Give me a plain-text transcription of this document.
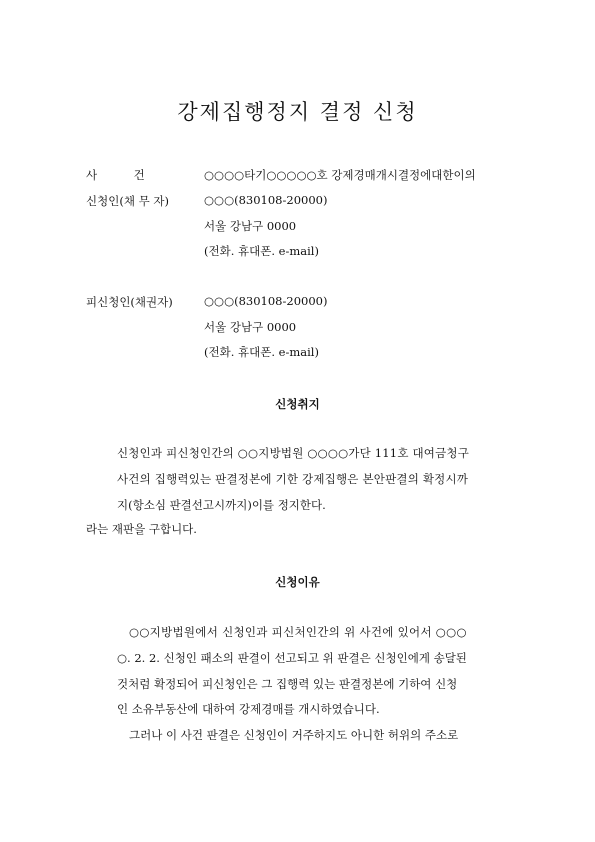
강제집행정지 결정 신청
사          건	○○○○타기○○○○○호 강제경매개시결정에대한이의
신청인(채 무 자)	○○○(830108-20000)
서울 강남구 0000
(전화. 휴대폰. e-mail)
피신청인(채권자)	○○○(830108-20000)
서울 강남구 0000
(전화. 휴대폰. e-mail)
신청취지
신청인과 피신청인간의 ○○지방법원 ○○○○가단 111호 대여금청구
사건의 집행력있는 판결정본에 기한 강제집행은 본안판결의 확정시까
지(항소심 판결선고시까지)이를 정지한다.
라는 재판을 구합니다.
신청이유
○○지방법원에서 신청인과 피신처인간의 위 사건에 있어서 ○○○
○. 2. 2. 신청인 패소의 판결이 선고되고 위 판결은 신청인에게 송달된
것처럼 확정되어 피신청인은 그 집행력 있는 판결정본에 기하여 신청
인 소유부동산에 대하여 강제경매를 개시하였습니다.
그러나 이 사건 판결은 신청인이 거주하지도 아니한 허위의 주소로
